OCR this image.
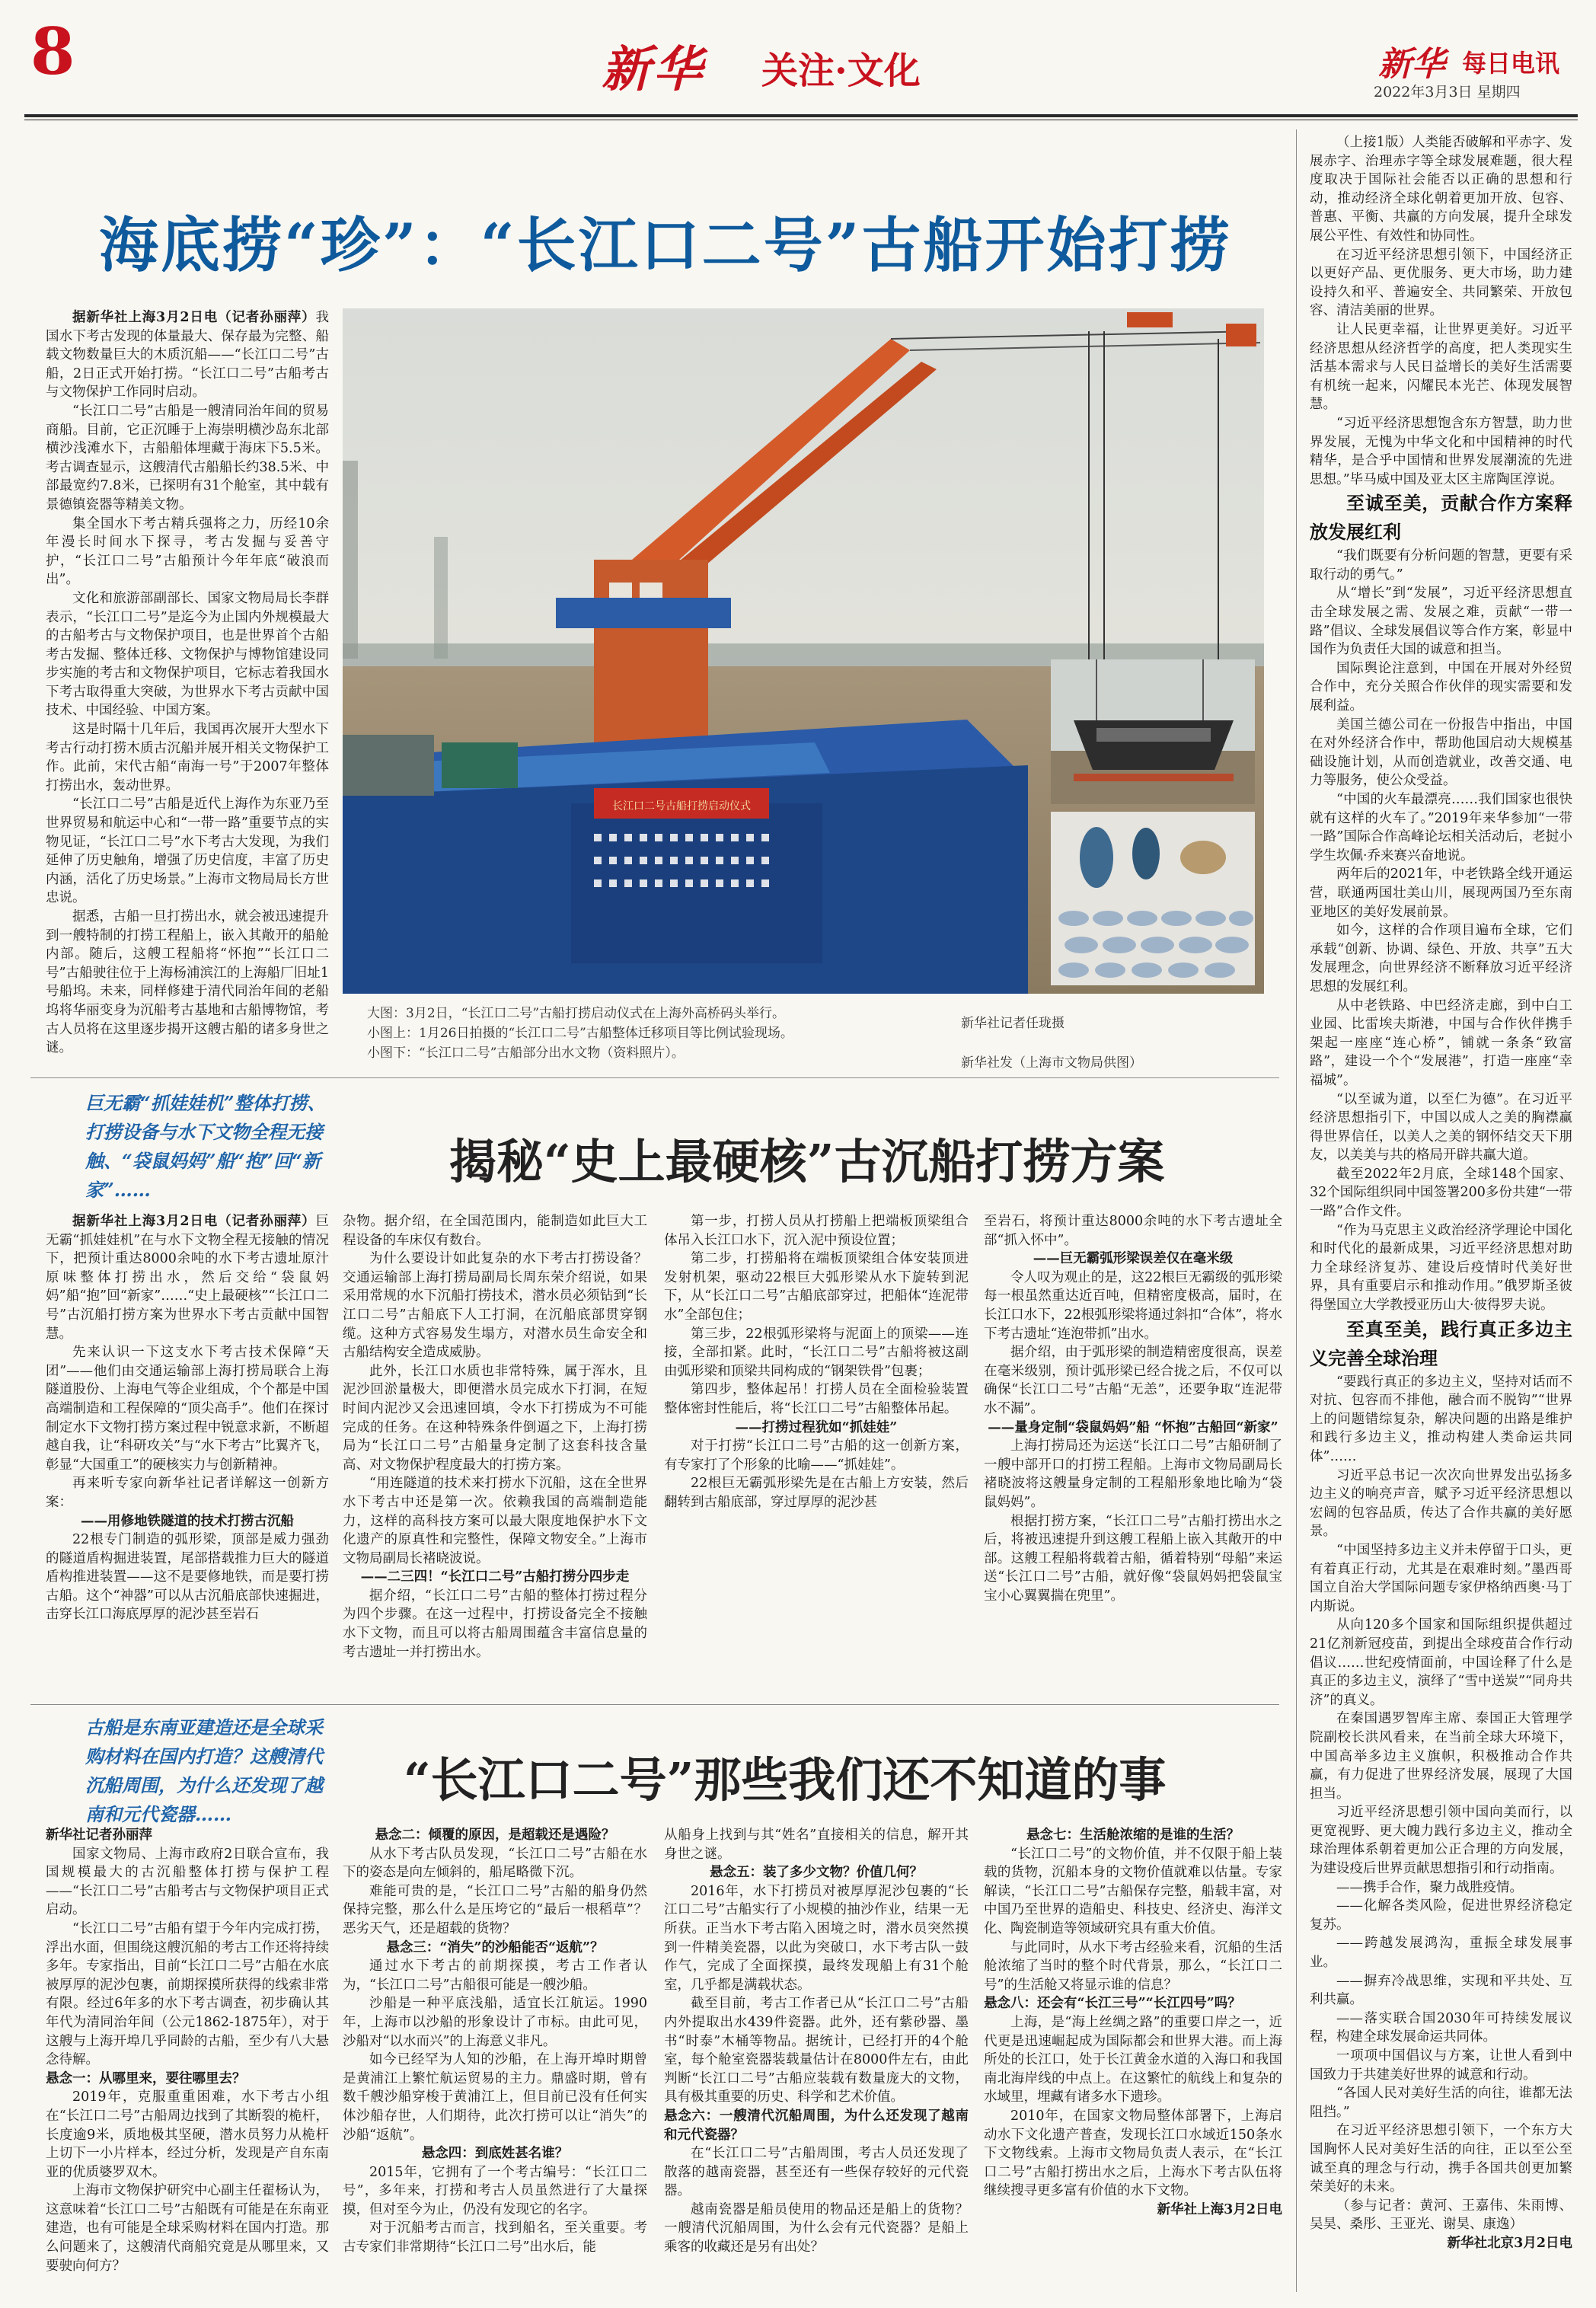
8	新华 关注·文化	新华 每日电讯
2022年3月3日 星期四
海底捞“珍”：“长江口二号”古船开始打捞

据新华社上海3月2日电（记者孙丽萍）我国水下考古发现的体量最大、保存最为完整、船载文物数量巨大的木质沉船——“长江口二号”古船，2日正式开始打捞。“长江口二号”古船考古与文物保护工作同时启动。

“长江口二号”古船是一艘清同治年间的贸易商船。目前，它正沉睡于上海崇明横沙岛东北部横沙浅滩水下，古船船体埋藏于海床下5.5米。考古调查显示，这艘清代古船船长约38.5米、中部最宽约7.8米，已探明有31个舱室，其中载有景德镇瓷器等精美文物。

集全国水下考古精兵强将之力，历经10余年漫长时间水下探寻，考古发掘与妥善守护，“长江口二号”古船预计今年年底“破浪而出”。

文化和旅游部副部长、国家文物局局长李群表示，“长江口二号”是迄今为止国内外规模最大的古船考古与文物保护项目，也是世界首个古船考古发掘、整体迁移、文物保护与博物馆建设同步实施的考古和文物保护项目，它标志着我国水下考古取得重大突破，为世界水下考古贡献中国技术、中国经验、中国方案。

这是时隔十几年后，我国再次展开大型水下考古行动打捞木质古沉船并展开相关文物保护工作。此前，宋代古船“南海一号”于2007年整体打捞出水，轰动世界。

“长江口二号”古船是近代上海作为东亚乃至世界贸易和航运中心和“一带一路”重要节点的实物见证，“长江口二号”水下考古大发现，为我们延伸了历史触角，增强了历史信度，丰富了历史内涵，活化了历史场景。”上海市文物局局长方世忠说。

据悉，古船一旦打捞出水，就会被迅速提升到一艘特制的打捞工程船上，嵌入其敞开的船舱内部。随后，这艘工程船将“怀抱”“长江口二号”古船驶往位于上海杨浦滨江的上海船厂旧址1号船坞。未来，同样修建于清代同治年间的老船坞将华丽变身为沉船考古基地和古船博物馆，考古人员将在这里逐步揭开这艘古船的诸多身世之谜。

长江口二号古船打捞启动仪式
大图：3月2日，“长江口二号”古船打捞启动仪式在上海外高桥码头举行。
小图上：1月26日拍摄的“长江口二号”古船整体迁移项目等比例试验现场。
小图下：“长江口二号”古船部分出水文物（资料照片）。
新华社记者任珑摄
新华社发（上海市文物局供图）
巨无霸“抓娃娃机”整体打捞、打捞设备与水下文物全程无接触、“袋鼠妈妈”船“抱”回“新家”……
揭秘“史上最硬核”古沉船打捞方案

据新华社上海3月2日电（记者孙丽萍）巨无霸“抓娃娃机”在与水下文物全程无接触的情况下，把预计重达8000余吨的水下考古遗址原汁原味整体打捞出水，然后交给“袋鼠妈妈”船“抱”回“新家”……“史上最硬核”“长江口二号”古沉船打捞方案为世界水下考古贡献中国智慧。

先来认识一下这支水下考古技术保障“天团”——他们由交通运输部上海打捞局联合上海隧道股份、上海电气等企业组成，个个都是中国高端制造和工程保障的“顶尖高手”。他们在探讨制定水下文物打捞方案过程中锐意求新，不断超越自我，让“科研攻关”与“水下考古”比翼齐飞，彰显“大国重工”的硬核实力与创新精神。

再来听专家向新华社记者详解这一创新方案：

——用修地铁隧道的技术打捞古沉船

22根专门制造的弧形梁，顶部是威力强劲的隧道盾构掘进装置，尾部搭载推力巨大的隧道盾构推进装置——这不是要修地铁，而是要打捞古船。这个“神器”可以从古沉船底部快速掘进，击穿长江口海底厚厚的泥沙甚至岩石

杂物。据介绍，在全国范围内，能制造如此巨大工程设备的车床仅有数台。

为什么要设计如此复杂的水下考古打捞设备？交通运输部上海打捞局副局长周东荣介绍说，如果采用常规的水下沉船打捞技术，潜水员必须钻到“长江口二号”古船底下人工打洞，在沉船底部贯穿钢缆。这种方式容易发生塌方，对潜水员生命安全和古船结构安全造成威胁。

此外，长江口水质也非常特殊，属于浑水，且泥沙回淤量极大，即便潜水员完成水下打洞，在短时间内泥沙又会迅速回填，令水下打捞成为不可能完成的任务。在这种特殊条件倒逼之下，上海打捞局为“长江口二号”古船量身定制了这套科技含量高、对文物保护程度最大的打捞方案。

“用连隧道的技术来打捞水下沉船，这在全世界水下考古中还是第一次。依赖我国的高端制造能力，这样的高科技方案可以最大限度地保护水下文化遗产的原真性和完整性，保障文物安全。”上海市文物局副局长褚晓波说。

——二三四！“长江口二号”古船打捞分四步走

据介绍，“长江口二号”古船的整体打捞过程分为四个步骤。在这一过程中，打捞设备完全不接触水下文物，而且可以将古船周围蕴含丰富信息量的考古遗址一并打捞出水。

第一步，打捞人员从打捞船上把端板顶梁组合体吊入长江口水下，沉入泥中预设位置；

第二步，打捞船将在端板顶梁组合体安装顶进发射机架，驱动22根巨大弧形梁从水下旋转到泥下，从“长江口二号”古船底部穿过，把船体“连泥带水”全部包住；

第三步，22根弧形梁将与泥面上的顶梁——连接，全部扣紧。此时，“长江口二号”古船将被这副由弧形梁和顶梁共同构成的“钢架铁骨”包裹；

第四步，整体起吊！打捞人员在全面检验装置整体密封性能后，将“长江口二号”古船整体吊起。

——打捞过程犹如“抓娃娃”

对于打捞“长江口二号”古船的这一创新方案，有专家打了个形象的比喻——“抓娃娃”。

22根巨无霸弧形梁先是在古船上方安装，然后翻转到古船底部，穿过厚厚的泥沙甚

至岩石，将预计重达8000余吨的水下考古遗址全部“抓入怀中”。

——巨无霸弧形梁误差仅在毫米级

令人叹为观止的是，这22根巨无霸级的弧形梁每一根虽然重达近百吨，但精密度极高，届时，在长江口水下，22根弧形梁将通过斜扣“合体”，将水下考古遗址“连泡带抓”出水。

据介绍，由于弧形梁的制造精密度很高，误差在毫米级别，预计弧形梁已经合拢之后，不仅可以确保“长江口二号”古船“无恙”，还要争取“连泥带水不漏”。

——量身定制“袋鼠妈妈”船 “怀抱”古船回“新家”

上海打捞局还为运送“长江口二号”古船研制了一艘中部开口的打捞工程船。上海市文物局副局长褚晓波将这艘量身定制的工程船形象地比喻为“袋鼠妈妈”。

根据打捞方案，“长江口二号”古船打捞出水之后，将被迅速提升到这艘工程船上嵌入其敞开的中部。这艘工程船将载着古船，循着特别“母船”来运送“长江口二号”古船，就好像“袋鼠妈妈把袋鼠宝宝小心翼翼揣在兜里”。

古船是东南亚建造还是全球采购材料在国内打造？这艘清代沉船周围，为什么还发现了越南和元代瓷器……
“长江口二号”那些我们还不知道的事

新华社记者孙丽萍

国家文物局、上海市政府2日联合宣布，我国规模最大的古沉船整体打捞与保护工程——“长江口二号”古船考古与文物保护项目正式启动。

“长江口二号”古船有望于今年内完成打捞，浮出水面，但围绕这艘沉船的考古工作还将持续多年。专家指出，目前“长江口二号”古船在水底被厚厚的泥沙包裹，前期探摸所获得的线索非常有限。经过6年多的水下考古调查，初步确认其年代为清同治年间（公元1862-1875年），对于这艘与上海开埠几乎同龄的古船，至少有八大悬念待解。

悬念一：从哪里来，要往哪里去？

2019年，克服重重困难，水下考古小组在“长江口二号”古船周边找到了其断裂的桅杆，长度逾9米，质地极其坚硬，潜水员努力从桅杆上切下一小片样本，经过分析，发现是产自东南亚的优质婆罗双木。

上海市文物保护研究中心副主任翟杨认为，这意味着“长江口二号”古船既有可能是在东南亚建造，也有可能是全球采购材料在国内打造。那么问题来了，这艘清代商船究竟是从哪里来，又要驶向何方？

悬念二：倾覆的原因，是超载还是遇险？

从水下考古队员发现，“长江口二号”古船在水下的姿态是向左倾斜的，船尾略微下沉。

难能可贵的是，“长江口二号”古船的船身仍然保持完整，那么什么是压垮它的“最后一根稻草”？恶劣天气，还是超载的货物？

悬念三：“消失”的沙船能否“返航”？

通过水下考古的前期探摸，考古工作者认为，“长江口二号”古船很可能是一艘沙船。

沙船是一种平底浅船，适宜长江航运。1990年，上海市以沙船的形象设计了市标。由此可见，沙船对“以水而兴”的上海意义非凡。

如今已经罕为人知的沙船，在上海开埠时期曾是黄浦江上繁忙航运贸易的主力。鼎盛时期，曾有数千艘沙船穿梭于黄浦江上，但目前已没有任何实体沙船存世，人们期待，此次打捞可以让“消失”的沙船“返航”。

悬念四：到底姓甚名谁？

2015年，它拥有了一个考古编号：“长江口二号”，多年来，打捞和考古人员虽然进行了大量探摸，但对至今为止，仍没有发现它的名字。

对于沉船考古而言，找到船名，至关重要。考古专家们非常期待“长江口二号”出水后，能

从船身上找到与其“姓名”直接相关的信息，解开其身世之谜。

悬念五：装了多少文物？价值几何？

2016年，水下打捞员对被厚厚泥沙包裹的“长江口二号”古船实行了小规模的抽沙作业，结果一无所获。正当水下考古陷入困境之时，潜水员突然摸到一件精美瓷器，以此为突破口，水下考古队一鼓作气，完成了全面探摸，最终发现船上有31个舱室，几乎都是满载状态。

截至目前，考古工作者已从“长江口二号”古船内外提取出水439件瓷器。此外，还有紫砂器、墨书“时泰”木桶等物品。据统计，已经打开的4个舱室，每个舱室瓷器装载量估计在8000件左右，由此判断“长江口二号”古船应装载有数量庞大的文物，具有极其重要的历史、科学和艺术价值。

悬念六：一艘清代沉船周围，为什么还发现了越南和元代瓷器？

在“长江口二号”古船周围，考古人员还发现了散落的越南瓷器，甚至还有一些保存较好的元代瓷器。

越南瓷器是船员使用的物品还是船上的货物？一艘清代沉船周围，为什么会有元代瓷器？是船上乘客的收藏还是另有出处？

悬念七：生活舱浓缩的是谁的生活？

“长江口二号”的文物价值，并不仅限于船上装载的货物，沉船本身的文物价值就难以估量。专家解读，“长江口二号”古船保存完整，船载丰富，对中国乃至世界的造船史、科技史、经济史、海洋文化、陶瓷制造等领域研究具有重大价值。

与此同时，从水下考古经验来看，沉船的生活舱浓缩了当时的整个时代背景，那么，“长江口二号”的生活舱又将显示谁的信息？

悬念八：还会有“长江三号”“长江四号”吗？

上海，是“海上丝绸之路”的重要口岸之一，近代更是迅速崛起成为国际都会和世界大港。而上海所处的长江口，处于长江黄金水道的入海口和我国南北海岸线的中点上。在这繁忙的航线上和复杂的水域里，埋藏有诸多水下遗珍。

2010年，在国家文物局整体部署下，上海启动水下文化遗产普查，发现长江口水域近150条水下文物线索。上海市文物局负责人表示，在“长江口二号”古船打捞出水之后，上海水下考古队伍将继续搜寻更多富有价值的水下文物。

新华社上海3月2日电

（上接1版）人类能否破解和平赤字、发展赤字、治理赤字等全球发展难题，很大程度取决于国际社会能否以正确的思想和行动，推动经济全球化朝着更加开放、包容、普惠、平衡、共赢的方向发展，提升全球发展公平性、有效性和协同性。

在习近平经济思想引领下，中国经济正以更好产品、更优服务、更大市场，助力建设持久和平、普遍安全、共同繁荣、开放包容、清洁美丽的世界。

让人民更幸福，让世界更美好。习近平经济思想从经济哲学的高度，把人类现实生活基本需求与人民日益增长的美好生活需要有机统一起来，闪耀民本光芒、体现发展智慧。

“习近平经济思想饱含东方智慧，助力世界发展，无愧为中华文化和中国精神的时代精华，是合乎中国情和世界发展潮流的先进思想。”毕马威中国及亚太区主席陶匡淳说。

至诚至美，贡献合作方案释放发展红利

“我们既要有分析问题的智慧，更要有采取行动的勇气。”

从“增长”到“发展”，习近平经济思想直击全球发展之需、发展之难，贡献“一带一路”倡议、全球发展倡议等合作方案，彰显中国作为负责任大国的诚意和担当。

国际舆论注意到，中国在开展对外经贸合作中，充分关照合作伙伴的现实需要和发展利益。

美国兰德公司在一份报告中指出，中国在对外经济合作中，帮助他国启动大规模基础设施计划，从而创造就业，改善交通、电力等服务，使公众受益。

“中国的火车最漂亮……我们国家也很快就有这样的火车了。”2019年来华参加“一带一路”国际合作高峰论坛相关活动后，老挝小学生坎佩·乔来赛兴奋地说。

两年后的2021年，中老铁路全线开通运营，联通两国壮美山川，展现两国乃至东南亚地区的美好发展前景。

如今，这样的合作项目遍布全球，它们承载“创新、协调、绿色、开放、共享”五大发展理念，向世界经济不断释放习近平经济思想的发展红利。

从中老铁路、中巴经济走廊，到中白工业园、比雷埃夫斯港，中国与合作伙伴携手架起一座座“连心桥”，铺就一条条“致富路”，建设一个个“发展港”，打造一座座“幸福城”。

“以至诚为道，以至仁为德”。在习近平经济思想指引下，中国以成人之美的胸襟赢得世界信任，以美人之美的钢怀结交天下朋友，以美美与共的格局开辟共赢大道。

截至2022年2月底，全球148个国家、32个国际组织同中国签署200多份共建“一带一路”合作文件。

“作为马克思主义政治经济学理论中国化和时代化的最新成果，习近平经济思想对助力全球经济复苏、建设后疫情时代美好世界，具有重要启示和推动作用。”俄罗斯圣彼得堡国立大学教授亚历山大·彼得罗夫说。

至真至美，践行真正多边主义完善全球治理

“要践行真正的多边主义，坚持对话而不对抗、包容而不排他，融合而不脱钩”“世界上的问题错综复杂，解决问题的出路是维护和践行多边主义，推动构建人类命运共同体”……

习近平总书记一次次向世界发出弘扬多边主义的响亮声音，赋予习近平经济思想以宏阔的包容品质，传达了合作共赢的美好愿景。

“中国坚持多边主义并未停留于口头，更有着真正行动，尤其是在艰难时刻。”墨西哥国立自治大学国际问题专家伊格纳西奥·马丁内斯说。

从向120多个国家和国际组织提供超过21亿剂新冠疫苗，到提出全球疫苗合作行动倡议……世纪疫情面前，中国诠释了什么是真正的多边主义，演绎了“雪中送炭”“同舟共济”的真义。

在秦国遇罗智库主席、泰国正大管理学院副校长洪风看来，在当前全球大环境下，中国高举多边主义旗帜，积极推动合作共赢，有力促进了世界经济发展，展现了大国担当。

习近平经济思想引领中国向美而行，以更宽视野、更大魄力践行多边主义，推动全球治理体系朝着更加公正合理的方向发展，为建设疫后世界贡献思想指引和行动指南。

——携手合作，聚力战胜疫情。

——化解各类风险，促进世界经济稳定复苏。

——跨越发展鸿沟，重振全球发展事业。

——摒弃冷战思维，实现和平共处、互利共赢。

——落实联合国2030年可持续发展议程，构建全球发展命运共同体。

一项项中国倡议与方案，让世人看到中国致力于共建美好世界的诚意和行动。

“各国人民对美好生活的向往，谁都无法阻挡。”

在习近平经济思想引领下，一个东方大国胸怀人民对美好生活的向往，正以至公至诚至真的理念与行动，携手各国共创更加繁荣美好的未来。

（参与记者：黄河、王嘉伟、朱雨博、吴昊、桑彤、王亚光、谢昊、康逸）

新华社北京3月2日电
